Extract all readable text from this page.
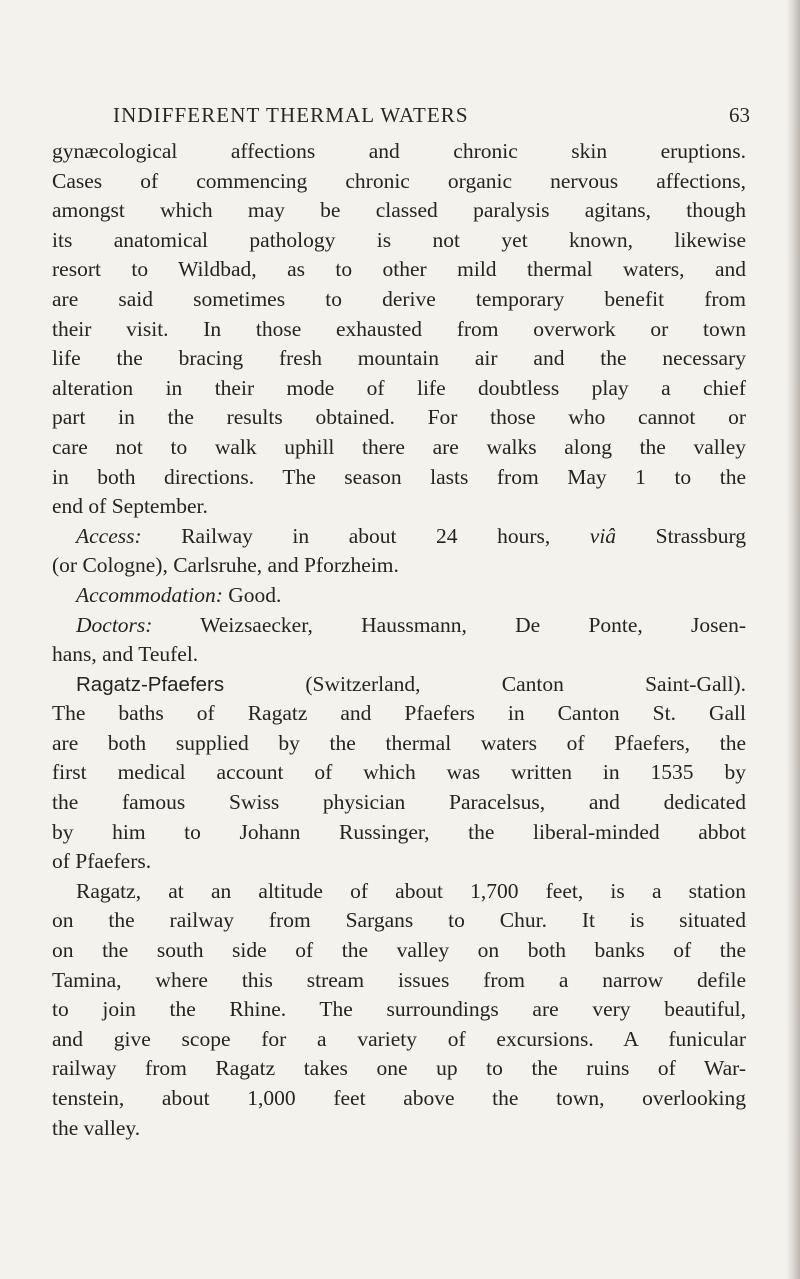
INDIFFERENT THERMAL WATERS	63
gynæcological affections and chronic skin eruptions.
Cases of commencing chronic organic nervous affections,
amongst which may be classed paralysis agitans, though
its anatomical pathology is not yet known, likewise
resort to Wildbad, as to other mild thermal waters, and
are said sometimes to derive temporary benefit from
their visit. In those exhausted from overwork or town
life the bracing fresh mountain air and the necessary
alteration in their mode of life doubtless play a chief
part in the results obtained. For those who cannot or
care not to walk uphill there are walks along the valley
in both directions. The season lasts from May 1 to the
end of September.
Access: Railway in about 24 hours, viâ Strassburg
(or Cologne), Carlsruhe, and Pforzheim.
Accommodation: Good.
Doctors: Weizsaecker, Haussmann, De Ponte, Josen-
hans, and Teufel.
Ragatz-Pfaefers (Switzerland, Canton Saint-Gall).
The baths of Ragatz and Pfaefers in Canton St. Gall
are both supplied by the thermal waters of Pfaefers, the
first medical account of which was written in 1535 by
the famous Swiss physician Paracelsus, and dedicated
by him to Johann Russinger, the liberal-minded abbot
of Pfaefers.
Ragatz, at an altitude of about 1,700 feet, is a station
on the railway from Sargans to Chur. It is situated
on the south side of the valley on both banks of the
Tamina, where this stream issues from a narrow defile
to join the Rhine. The surroundings are very beautiful,
and give scope for a variety of excursions. A funicular
railway from Ragatz takes one up to the ruins of War-
tenstein, about 1,000 feet above the town, overlooking
the valley.
